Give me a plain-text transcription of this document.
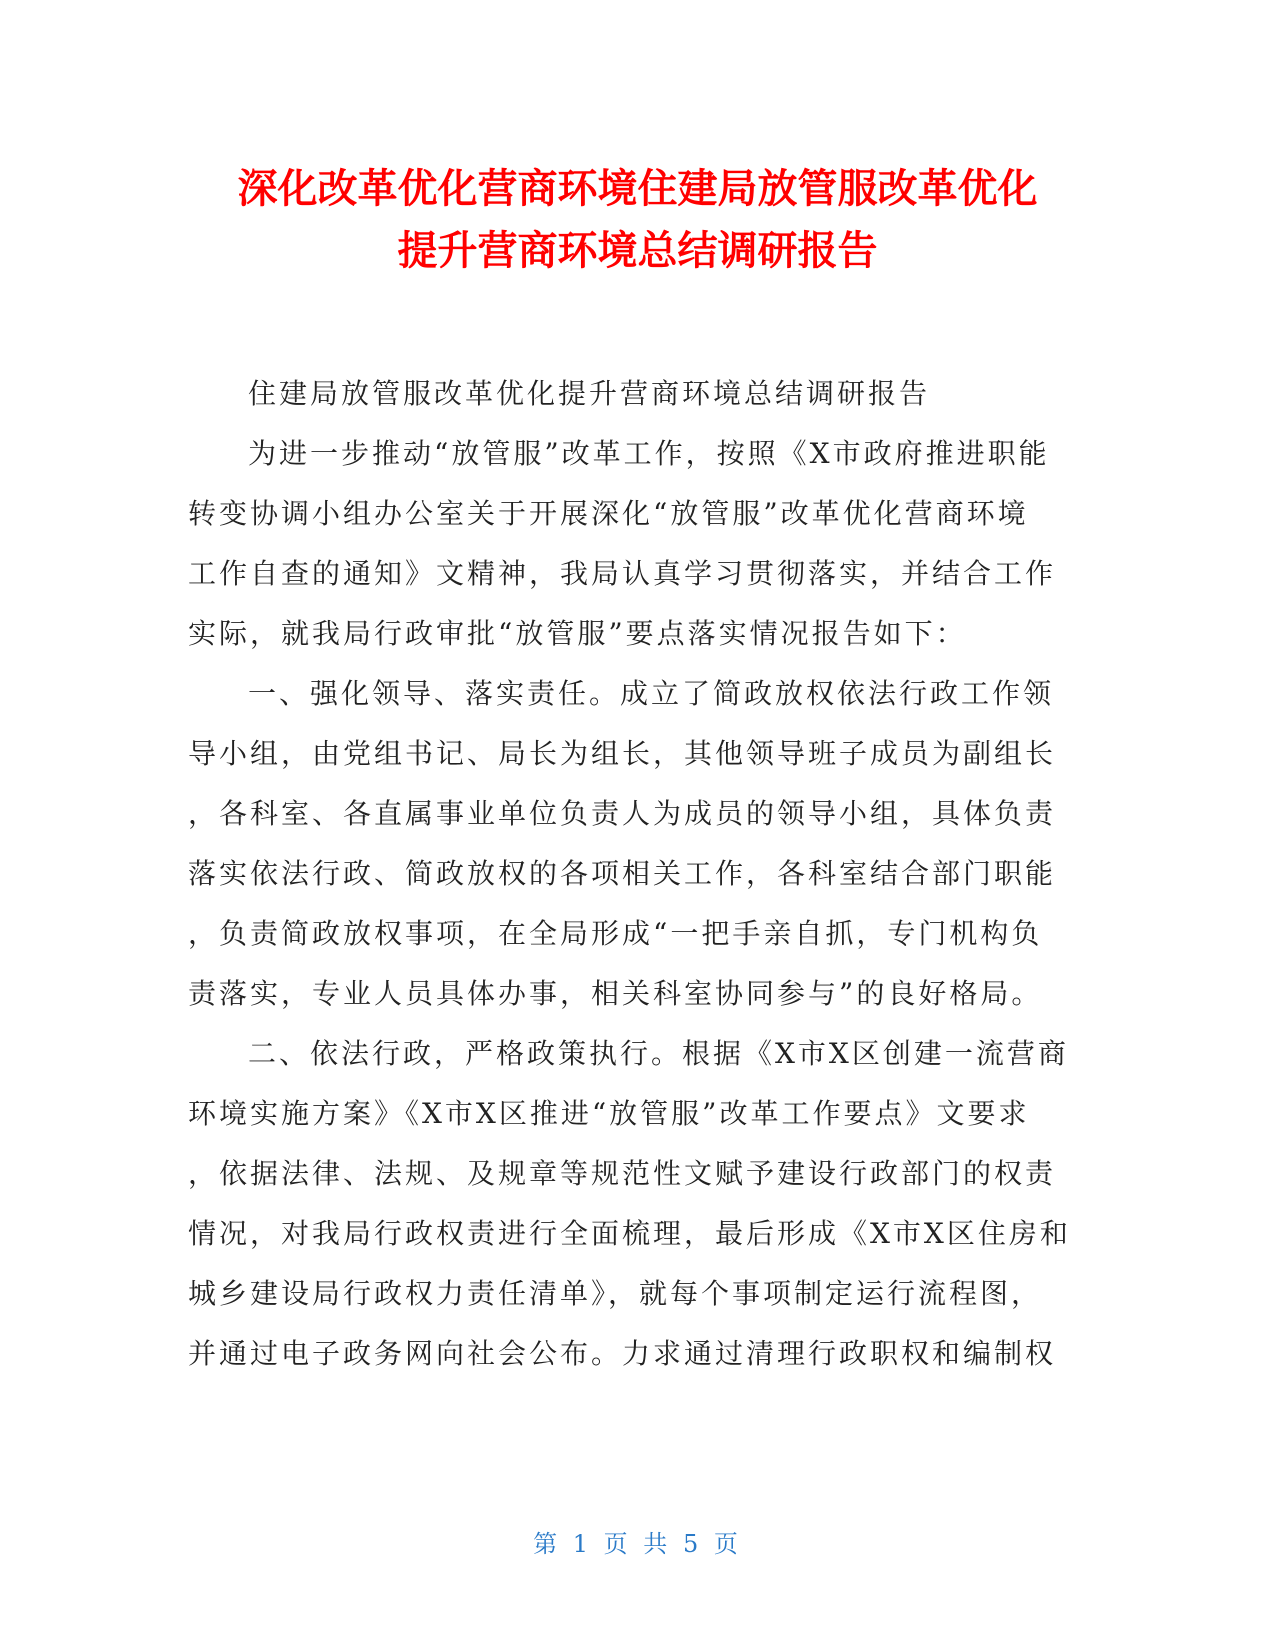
深化改革优化营商环境住建局放管服改革优化
提升营商环境总结调研报告
住建局放管服改革优化提升营商环境总结调研报告
为进一步推动“放管服”改革工作，按照《X市政府推进职能
转变协调小组办公室关于开展深化“放管服”改革优化营商环境
工作自查的通知》文精神，我局认真学习贯彻落实，并结合工作
实际，就我局行政审批“放管服”要点落实情况报告如下：
一、强化领导、落实责任。成立了简政放权依法行政工作领
导小组，由党组书记、局长为组长，其他领导班子成员为副组长
，各科室、各直属事业单位负责人为成员的领导小组，具体负责
落实依法行政、简政放权的各项相关工作，各科室结合部门职能
，负责简政放权事项，在全局形成“一把手亲自抓，专门机构负
责落实，专业人员具体办事，相关科室协同参与”的良好格局。
二、依法行政，严格政策执行。根据《X市X区创建一流营商
环境实施方案》《X市X区推进“放管服”改革工作要点》文要求
，依据法律、法规、及规章等规范性文赋予建设行政部门的权责
情况，对我局行政权责进行全面梳理，最后形成《X市X区住房和
城乡建设局行政权力责任清单》，就每个事项制定运行流程图，
并通过电子政务网向社会公布。力求通过清理行政职权和编制权
第 1 页 共 5 页
